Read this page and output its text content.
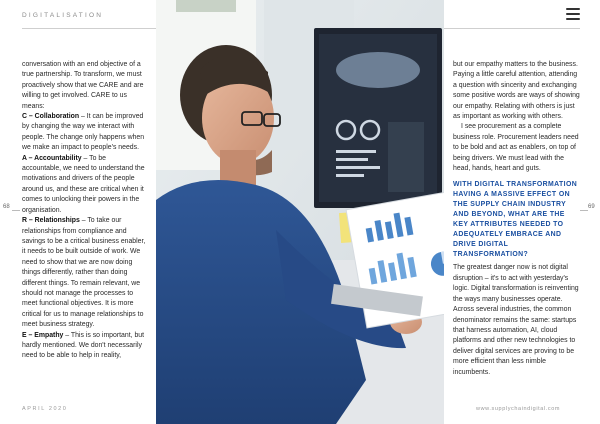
DIGITALISATION

conversation with an end objective of a true partnership. To transform, we must proactively show that we CARE and are willing to get involved. CARE to us means:

C – Collaboration – It can be improved by changing the way we interact with people. The change only happens when we make an impact to people's needs.

A – Accountability – To be accountable, we need to understand the motivations and drivers of the people around us, and these are critical when it comes to unlocking their powers in the organisation.

R – Relationships – To take our relationships from compliance and savings to be a critical business enabler, it needs to be built outside of work. We need to show that we are now doing things differently, rather than doing different things. To remain relevant, we should not manage the processes to meet functional objectives. It is more critical for us to manage relationships to meet business strategy.

E – Empathy – This is so important, but hardly mentioned. We don't necessarily need to be able to help in reality,

but our empathy matters to the business. Paying a little careful attention, attending a question with sincerity and exchanging some positive words are ways of showing our empathy. Relating with others is just as important as working with others.

I see procurement as a complete business role. Procurement leaders need to be bold and act as enablers, on top of being drivers. We must lead with the head, hands, heart and guts.

WITH DIGITAL TRANSFORMATION HAVING A MASSIVE EFFECT ON THE SUPPLY CHAIN INDUSTRY AND BEYOND, WHAT ARE THE KEY ATTRIBUTES NEEDED TO ADEQUATELY EMBRACE AND DRIVE DIGITAL TRANSFORMATION?

The greatest danger now is not digital disruption – it's to act with yesterday's logic. Digital transformation is reinventing the ways many businesses operate. Across several industries, the common denominator remains the same: startups that harness automation, AI, cloud platforms and other new technologies to deliver digital services are proving to be more efficient than less nimble incumbents.

68	69
APRIL 2020	www.supplychaindigital.com
